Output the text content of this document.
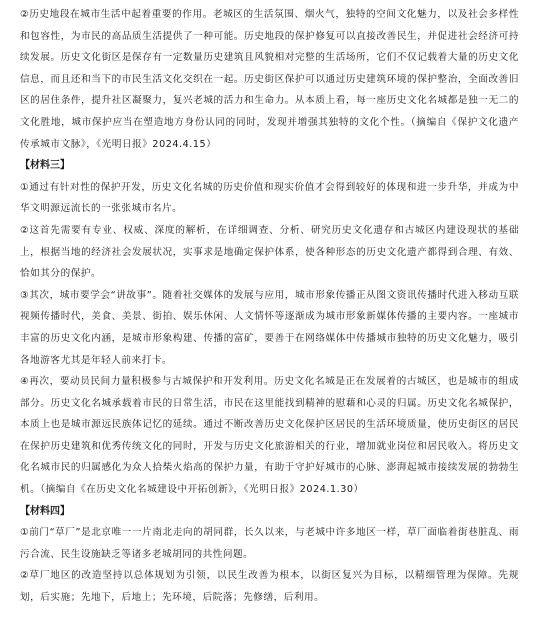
②历史地段在城市生活中起着重要的作用。老城区的生活氛围、烟火气，独特的空间文化魅力，以及社会多样性和包容性，为市民的高品质生活提供了一种可能。历史地段的保护修复可以直接改善民生，并促进社会经济可持续发展。历史文化街区是保存有一定数量历史建筑且风貌相对完整的生活场所，它们不仅记载着大量的历史文化信息，而且还和当下的市民生活文化交织在一起。历史街区保护可以通过历史建筑环境的保护整治，全面改善旧区的居住条件，提升社区凝聚力，复兴老城的活力和生命力。从本质上看，每一座历史文化名城都是独一无二的文化胜地，城市保护应当在塑造地方身份认同的同时，发现并增强其独特的文化个性。（摘编自《保护文化遗产传承城市文脉》，《光明日报》2024.4.15）

【材料三】

①通过有针对性的保护开发，历史文化名城的历史价值和现实价值才会得到较好的体现和进一步升华，并成为中华文明源远流长的一张张城市名片。

②这首先需要有专业、权威、深度的解析，在详细调查、分析、研究历史文化遗存和古城区内建设现状的基础上，根据当地的经济社会发展状况，实事求是地确定保护体系，使各种形态的历史文化遗产都得到合理、有效、恰如其分的保护。

③其次，城市要学会“讲故事”。随着社交媒体的发展与应用，城市形象传播正从图文资讯传播时代进入移动互联视频传播时代，美食、美景、街拍、娱乐休闲、人文情怀等逐渐成为城市形象新媒体传播的主要内容。一座城市丰富的历史文化内涵，是城市形象构建、传播的富矿，要善于在网络媒体中传播城市独特的历史文化魅力，吸引各地游客尤其是年轻人前来打卡。

④再次，要动员民间力量积极参与古城保护和开发利用。历史文化名城是正在发展着的古城区，也是城市的组成部分。历史文化名城承载着市民的日常生活，市民在这里能找到精神的慰藉和心灵的归属。历史文化名城保护，本质上也是城市源远民族体记忆的延续。通过不断改善历史文化保护区居民的生活环境质量，使历史街区的居民在保护历史建筑和优秀传统文化的同时，开发与历史文化旅游相关的行业，增加就业岗位和居民收入。将历史文化名城市民的归属感化为众人拾柴火焰高的保护力量，有助于守护好城市的心脉、澎湃起城市接续发展的勃勃生机。（摘编自《在历史文化名城建设中开拓创新》，《光明日报》2024.1.30）

【材料四】

①前门“草厂”是北京唯一一片南北走向的胡同群，长久以来，与老城中许多地区一样，草厂面临着街巷脏乱、雨污合流、民生设施缺乏等诸多老城胡同的共性问题。

②草厂地区的改造坚持以总体规划为引领，以民生改善为根本，以街区复兴为目标，以精细管理为保障。先规划，后实施；先地下，后地上；先环境，后院落；先修缮，后利用。
